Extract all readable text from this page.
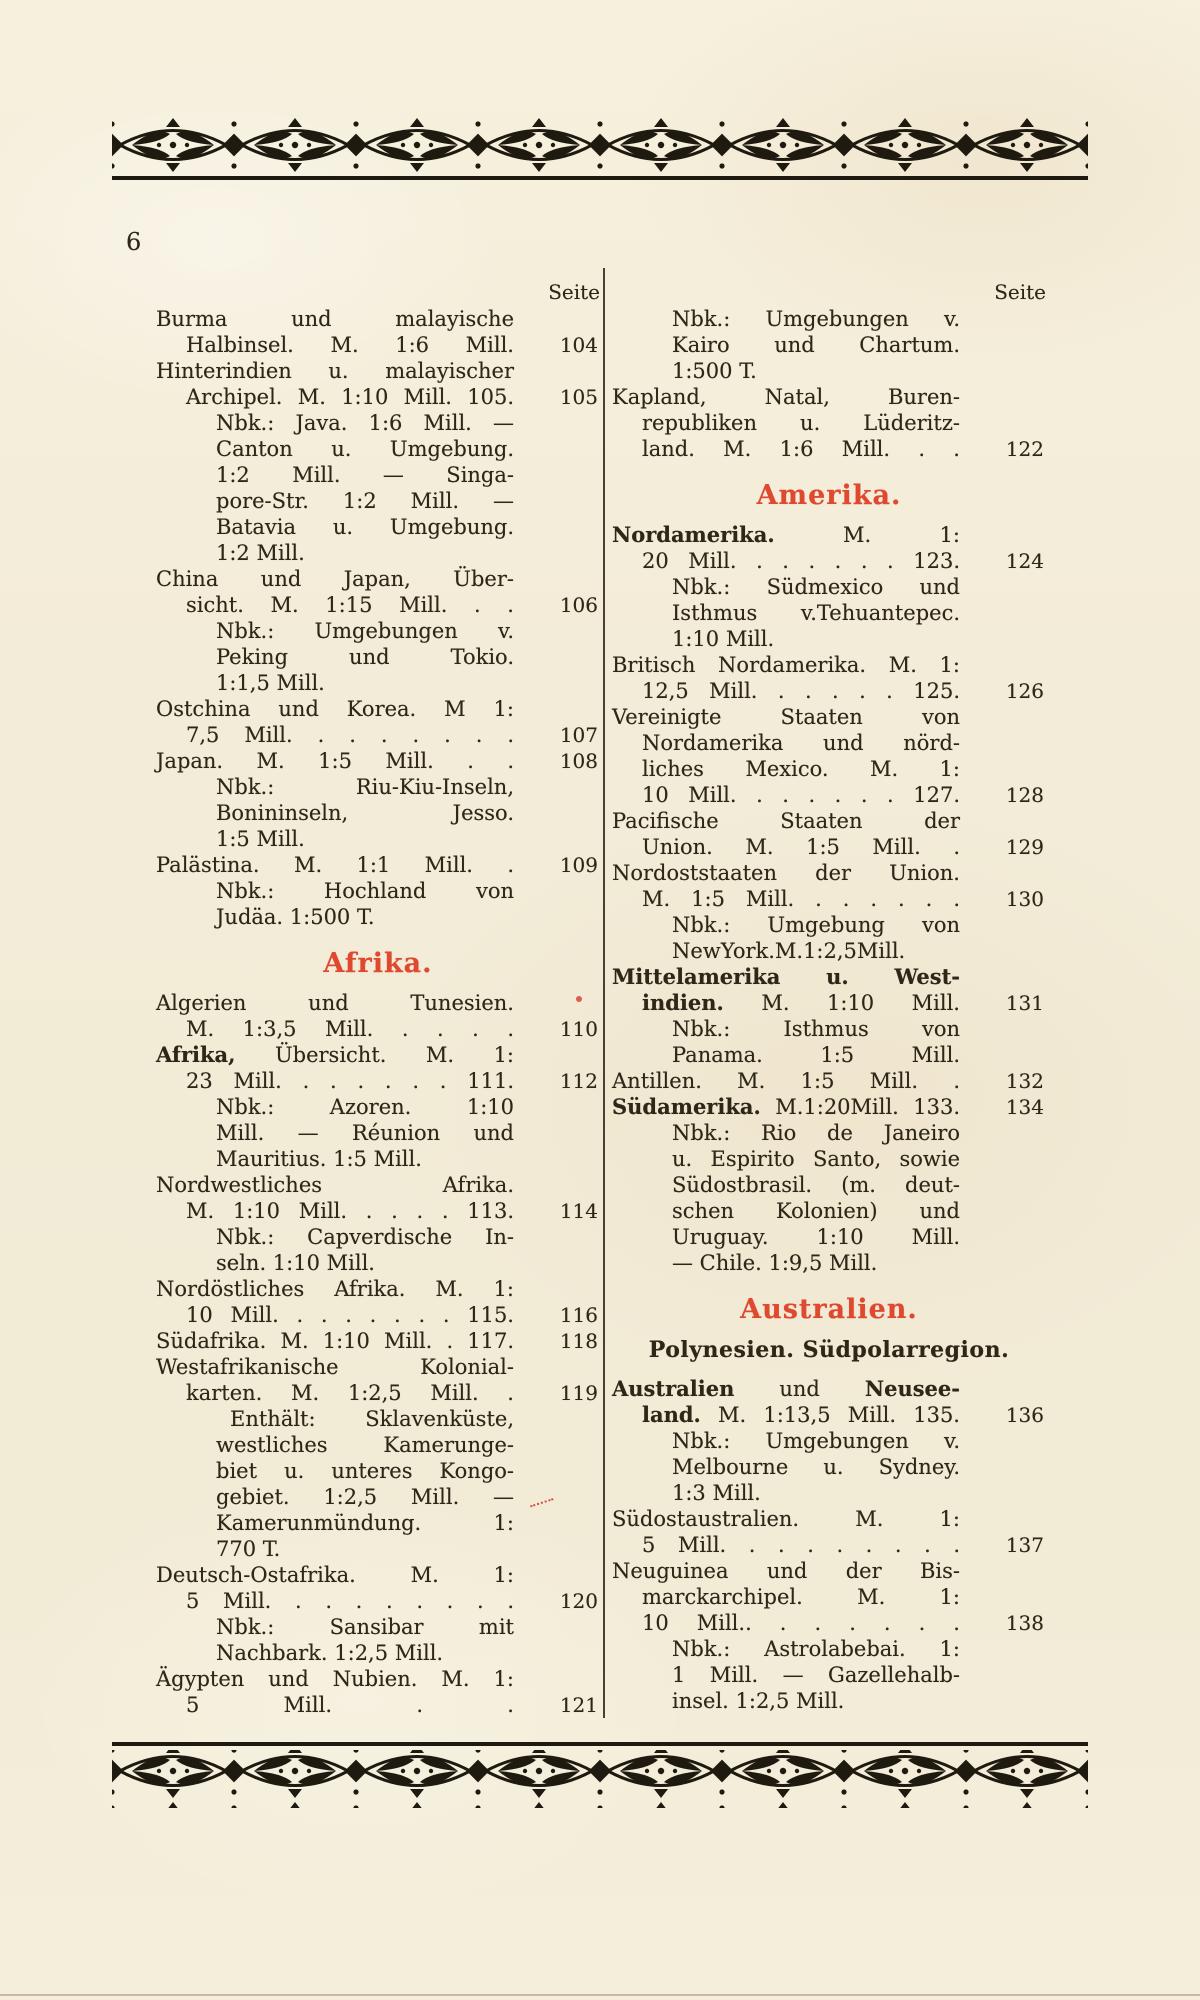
6
Seite	Seite
Burma und malayische
Halbinsel. M. 1:6 Mill. 104
Hinterindien u. malayischer
Archipel. M. 1:10 Mill. 105. 105
Nbk.: Java. 1:6 Mill. —
Canton u. Umgebung.
1:2 Mill. — Singa-
pore-Str. 1:2 Mill. —
Batavia u. Umgebung.
1:2 Mill.
China und Japan, Über-
sicht. M. 1:15 Mill. . . 106
Nbk.: Umgebungen v.
Peking und Tokio.
1:1,5 Mill.
Ostchina und Korea. M 1:
7,5 Mill. . . . . . . . 107
Japan. M. 1:5 Mill. . . 108
Nbk.: Riu-Kiu-Inseln,
Bonininseln, Jesso.
1:5 Mill.
Palästina. M. 1:1 Mill. . 109
Nbk.: Hochland von
Judäa. 1:500 T.
Afrika.
Algerien und Tunesien.
M. 1:3,5 Mill. . . . . 110
Afrika, Übersicht. M. 1:
23 Mill. . . . . . . 111. 112
Nbk.: Azoren. 1:10
Mill. — Réunion und
Mauritius. 1:5 Mill.
Nordwestliches Afrika.
M. 1:10 Mill. . . . . 113. 114
Nbk.: Capverdische In-
seln. 1:10 Mill.
Nordöstliches Afrika. M. 1:
10 Mill. . . . . . . . 115. 116
Südafrika. M. 1:10 Mill. . 117. 118
Westafrikanische Kolonial-
karten. M. 1:2,5 Mill. . 119
Enthält: Sklavenküste,
westliches Kamerunge-
biet u. unteres Kongo-
gebiet. 1:2,5 Mill. —
Kamerunmündung. 1:
770 T.
Deutsch-Ostafrika. M. 1:
5 Mill. . . . . . . . . 120
Nbk.: Sansibar mit
Nachbark. 1:2,5 Mill.
Ägypten und Nubien. M. 1:
5 Mill. . . 121
Nbk.: Umgebungen v.
Kairo und Chartum.
1:500 T.
Kapland, Natal, Buren-
republiken u. Lüderitz-
land. M. 1:6 Mill. . . 122
Amerika.
Nordamerika. M. 1:
20 Mill. . . . . . . 123. 124
Nbk.: Südmexico und
Isthmus v.Tehuantepec.
1:10 Mill.
Britisch Nordamerika. M. 1:
12,5 Mill. . . . . . 125. 126
Vereinigte Staaten von
Nordamerika und nörd-
liches Mexico. M. 1:
10 Mill. . . . . . . 127. 128
Pacifische Staaten der
Union. M. 1:5 Mill. . 129
Nordoststaaten der Union.
M. 1:5 Mill. . . . . . . 130
Nbk.: Umgebung von
NewYork.M.1:2,5Mill.
Mittelamerika u. West-
indien. M. 1:10 Mill. 131
Nbk.: Isthmus von
Panama. 1:5 Mill.
Antillen. M. 1:5 Mill. . 132
Südamerika. M.1:20Mill. 133. 134
Nbk.: Rio de Janeiro
u. Espirito Santo, sowie
Südostbrasil. (m. deut-
schen Kolonien) und
Uruguay. 1:10 Mill.
— Chile. 1:9,5 Mill.
Australien.
Polynesien. Südpolarregion.
Australien und Neusee-
land. M. 1:13,5 Mill. 135. 136
Nbk.: Umgebungen v.
Melbourne u. Sydney.
1:3 Mill.
Südostaustralien. M. 1:
5 Mill. . . . . . . . . 137
Neuguinea und der Bis-
marckarchipel. M. 1:
10 Mill.. . . . . . . 138
Nbk.: Astrolabebai. 1:
1 Mill. — Gazellehalb-
insel. 1:2,5 Mill.
